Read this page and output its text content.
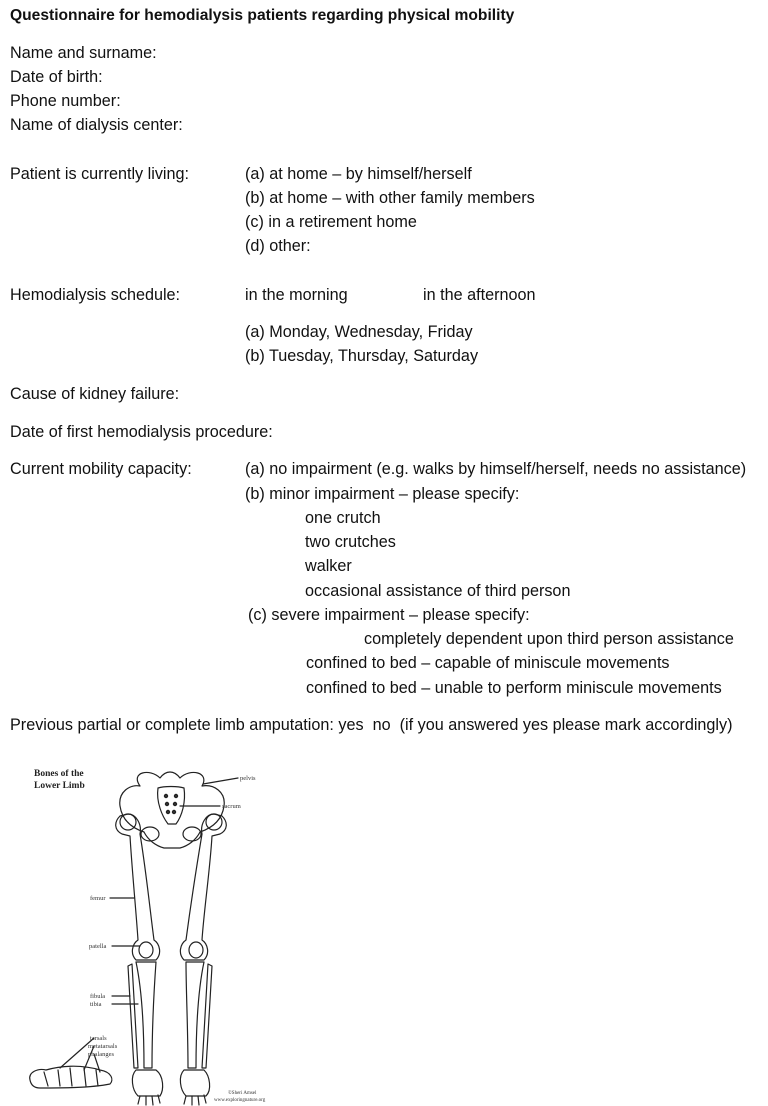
Questionnaire for hemodialysis patients regarding physical mobility
Name and surname:
Date of birth:
Phone number:
Name of dialysis center:
Patient is currently living:	(a) at home – by himself/herself
(b) at home – with other family members
(c) in a retirement home
(d) other:
Hemodialysis schedule:	in the morning	in the afternoon
(a) Monday, Wednesday, Friday
(b) Tuesday, Thursday, Saturday
Cause of kidney failure:
Date of first hemodialysis procedure:
Current mobility capacity:	(a) no impairment (e.g. walks by himself/herself, needs no assistance)
(b) minor impairment – please specify:
one crutch
two crutches
walker
occasional assistance of third person
(c) severe impairment – please specify:
completely dependent upon third person assistance
confined to bed – capable of miniscule movements
confined to bed – unable to perform miniscule movements
Previous partial or complete limb amputation: yes no (if you answered yes please mark accordingly)
Bones of the
Lower Limb
pelvis
sacrum
femur
patella
fibula
tibia
tarsals
metatarsals
phalanges
©Sheri Amsel
www.exploringnature.org
